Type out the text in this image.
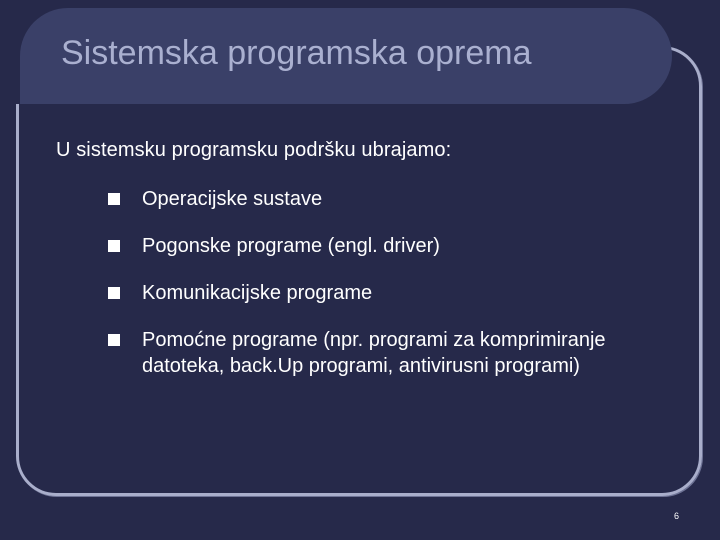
Sistemska programska oprema

U sistemsku programsku podršku ubrajamo:

Operacijske sustave
Pogonske programe (engl. driver)
Komunikacijske programe
Pomoćne programe (npr. programi za komprimiranje datoteka, back.Up programi, antivirusni programi)
6
